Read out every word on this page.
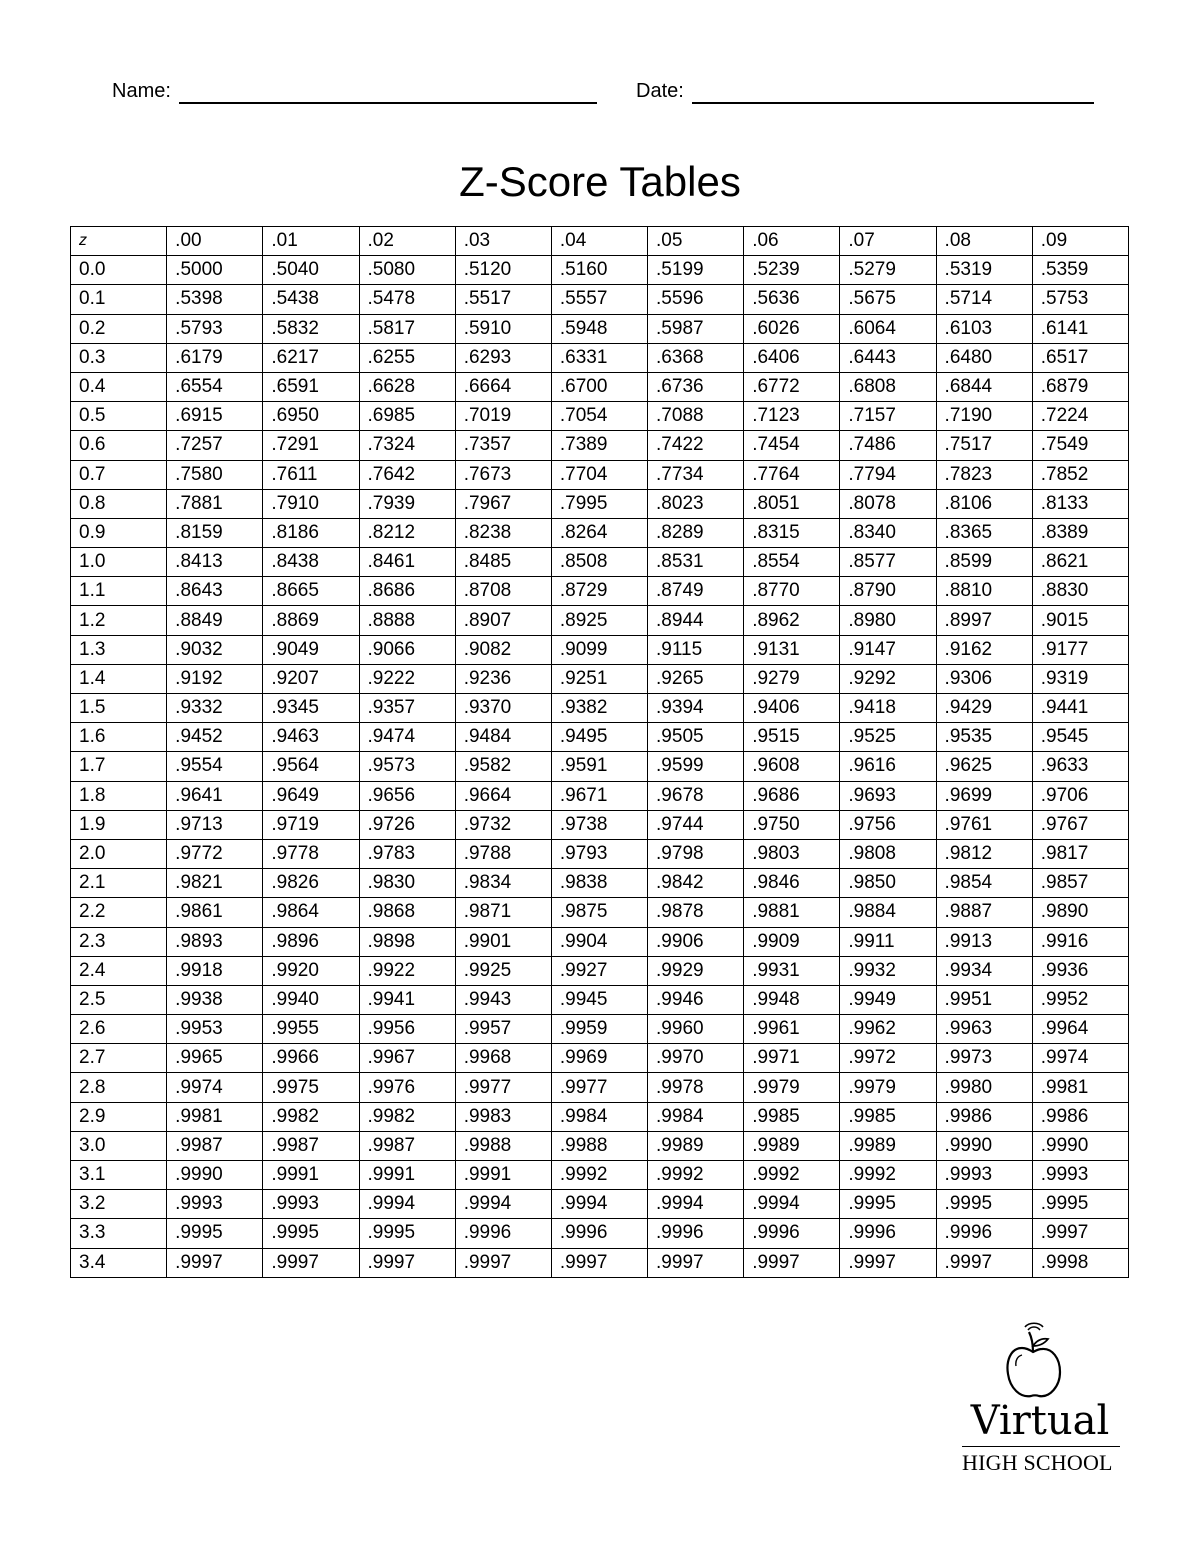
Name:	Date:
Z-Score Tables
z	.00	.01	.02	.03	.04	.05	.06	.07	.08	.09
0.0	.5000	.5040	.5080	.5120	.5160	.5199	.5239	.5279	.5319	.5359
0.1	.5398	.5438	.5478	.5517	.5557	.5596	.5636	.5675	.5714	.5753
0.2	.5793	.5832	.5817	.5910	.5948	.5987	.6026	.6064	.6103	.6141
0.3	.6179	.6217	.6255	.6293	.6331	.6368	.6406	.6443	.6480	.6517
0.4	.6554	.6591	.6628	.6664	.6700	.6736	.6772	.6808	.6844	.6879
0.5	.6915	.6950	.6985	.7019	.7054	.7088	.7123	.7157	.7190	.7224
0.6	.7257	.7291	.7324	.7357	.7389	.7422	.7454	.7486	.7517	.7549
0.7	.7580	.7611	.7642	.7673	.7704	.7734	.7764	.7794	.7823	.7852
0.8	.7881	.7910	.7939	.7967	.7995	.8023	.8051	.8078	.8106	.8133
0.9	.8159	.8186	.8212	.8238	.8264	.8289	.8315	.8340	.8365	.8389
1.0	.8413	.8438	.8461	.8485	.8508	.8531	.8554	.8577	.8599	.8621
1.1	.8643	.8665	.8686	.8708	.8729	.8749	.8770	.8790	.8810	.8830
1.2	.8849	.8869	.8888	.8907	.8925	.8944	.8962	.8980	.8997	.9015
1.3	.9032	.9049	.9066	.9082	.9099	.9115	.9131	.9147	.9162	.9177
1.4	.9192	.9207	.9222	.9236	.9251	.9265	.9279	.9292	.9306	.9319
1.5	.9332	.9345	.9357	.9370	.9382	.9394	.9406	.9418	.9429	.9441
1.6	.9452	.9463	.9474	.9484	.9495	.9505	.9515	.9525	.9535	.9545
1.7	.9554	.9564	.9573	.9582	.9591	.9599	.9608	.9616	.9625	.9633
1.8	.9641	.9649	.9656	.9664	.9671	.9678	.9686	.9693	.9699	.9706
1.9	.9713	.9719	.9726	.9732	.9738	.9744	.9750	.9756	.9761	.9767
2.0	.9772	.9778	.9783	.9788	.9793	.9798	.9803	.9808	.9812	.9817
2.1	.9821	.9826	.9830	.9834	.9838	.9842	.9846	.9850	.9854	.9857
2.2	.9861	.9864	.9868	.9871	.9875	.9878	.9881	.9884	.9887	.9890
2.3	.9893	.9896	.9898	.9901	.9904	.9906	.9909	.9911	.9913	.9916
2.4	.9918	.9920	.9922	.9925	.9927	.9929	.9931	.9932	.9934	.9936
2.5	.9938	.9940	.9941	.9943	.9945	.9946	.9948	.9949	.9951	.9952
2.6	.9953	.9955	.9956	.9957	.9959	.9960	.9961	.9962	.9963	.9964
2.7	.9965	.9966	.9967	.9968	.9969	.9970	.9971	.9972	.9973	.9974
2.8	.9974	.9975	.9976	.9977	.9977	.9978	.9979	.9979	.9980	.9981
2.9	.9981	.9982	.9982	.9983	.9984	.9984	.9985	.9985	.9986	.9986
3.0	.9987	.9987	.9987	.9988	.9988	.9989	.9989	.9989	.9990	.9990
3.1	.9990	.9991	.9991	.9991	.9992	.9992	.9992	.9992	.9993	.9993
3.2	.9993	.9993	.9994	.9994	.9994	.9994	.9994	.9995	.9995	.9995
3.3	.9995	.9995	.9995	.9996	.9996	.9996	.9996	.9996	.9996	.9997
3.4	.9997	.9997	.9997	.9997	.9997	.9997	.9997	.9997	.9997	.9998
Virtual
HIGH SCHOOL
